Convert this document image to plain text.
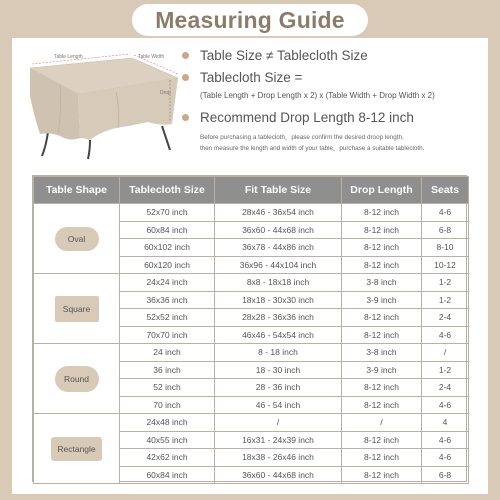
Measuring Guide
Table Length	Table Width
Drop
Table Size ≠ Tablecloth Size
Tablecloth Size =
(Table Length + Drop Length x 2) x (Table Width + Drop Width x 2)
Recommend Drop Length 8-12 inch
Before purchasing a tablecloth，please confirm the desired droop length,
then measure the length and width of your table，purchase a suitable tablecloth.
Table Shape	Tablecloth Size	Fit Table Size	Drop Length	Seats
Oval	52x70 inch	28x46 - 36x54 inch	8-12 inch	4-6
	60x84 inch	36x60 - 44x68 inch	8-12 inch	6-8
	60x102 inch	36x78 - 44x86 inch	8-12 inch	8-10
	60x120 inch	36x96 - 44x104 inch	8-12 inch	10-12
Square	24x24 inch	8x8 - 18x18 inch	3-8 inch	1-2
	36x36 inch	18x18 - 30x30 inch	3-9 inch	1-2
	52x52 inch	28x28 - 36x36 inch	8-12 inch	2-4
	70x70 inch	46x46 - 54x54 inch	8-12 inch	4-6
Round	24 inch	8 - 18 inch	3-8 inch	/
	36 inch	18 - 30 inch	3-9 inch	1-2
	52 inch	28 - 36 inch	8-12 inch	2-4
	70 inch	46 - 54 inch	8-12 inch	4-6
Rectangle	24x48 inch	/	/	4
	40x55 inch	16x31 - 24x39 inch	8-12 inch	4-6
	42x62 inch	18x38 - 26x46 inch	8-12 inch	4-6
	60x84 inch	36x60 - 44x68 inch	8-12 inch	6-8
